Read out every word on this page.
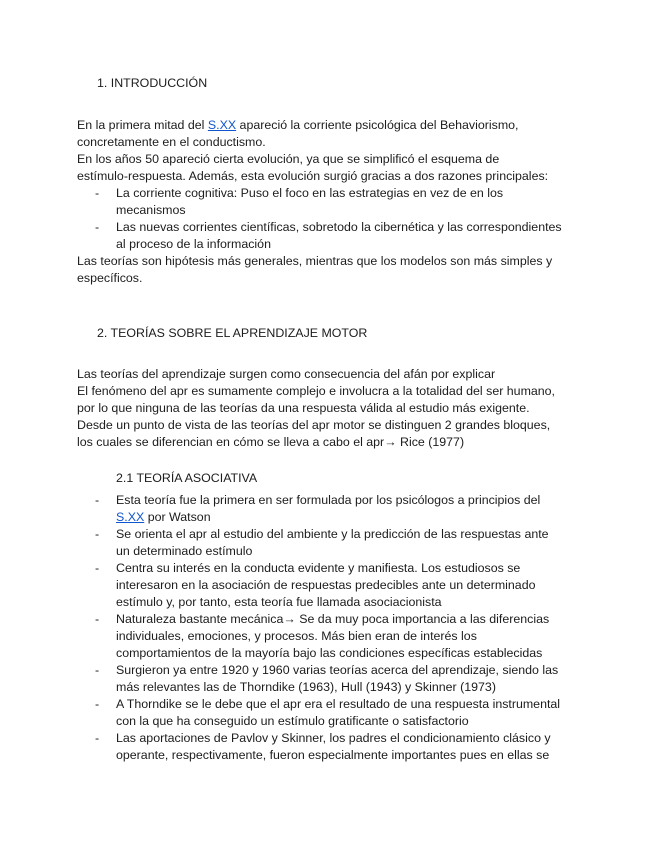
1. INTRODUCCIÓN
En la primera mitad del S.XX apareció la corriente psicológica del Behaviorismo,
concretamente en el conductismo.
En los años 50 apareció cierta evolución, ya que se simplificó el esquema de
estímulo-respuesta. Además, esta evolución surgió gracias a dos razones principales:
- La corriente cognitiva: Puso el foco en las estrategias en vez de en los
mecanismos
- Las nuevas corrientes científicas, sobretodo la cibernética y las correspondientes
al proceso de la información
Las teorías son hipótesis más generales, mientras que los modelos son más simples y
específicos.
2. TEORÍAS SOBRE EL APRENDIZAJE MOTOR
Las teorías del aprendizaje surgen como consecuencia del afán por explicar
El fenómeno del apr es sumamente complejo e involucra a la totalidad del ser humano,
por lo que ninguna de las teorías da una respuesta válida al estudio más exigente.
Desde un punto de vista de las teorías del apr motor se distinguen 2 grandes bloques,
los cuales se diferencian en cómo se lleva a cabo el apr→ Rice (1977)
2.1 TEORÍA ASOCIATIVA
- Esta teoría fue la primera en ser formulada por los psicólogos a principios del
S.XX por Watson
- Se orienta el apr al estudio del ambiente y la predicción de las respuestas ante
un determinado estímulo
- Centra su interés en la conducta evidente y manifiesta. Los estudiosos se
interesaron en la asociación de respuestas predecibles ante un determinado
estímulo y, por tanto, esta teoría fue llamada asociacionista
- Naturaleza bastante mecánica→ Se da muy poca importancia a las diferencias
individuales, emociones, y procesos. Más bien eran de interés los
comportamientos de la mayoría bajo las condiciones específicas establecidas
- Surgieron ya entre 1920 y 1960 varias teorías acerca del aprendizaje, siendo las
más relevantes las de Thorndike (1963), Hull (1943) y Skinner (1973)
- A Thorndike se le debe que el apr era el resultado de una respuesta instrumental
con la que ha conseguido un estímulo gratificante o satisfactorio
- Las aportaciones de Pavlov y Skinner, los padres el condicionamiento clásico y
operante, respectivamente, fueron especialmente importantes pues en ellas se
